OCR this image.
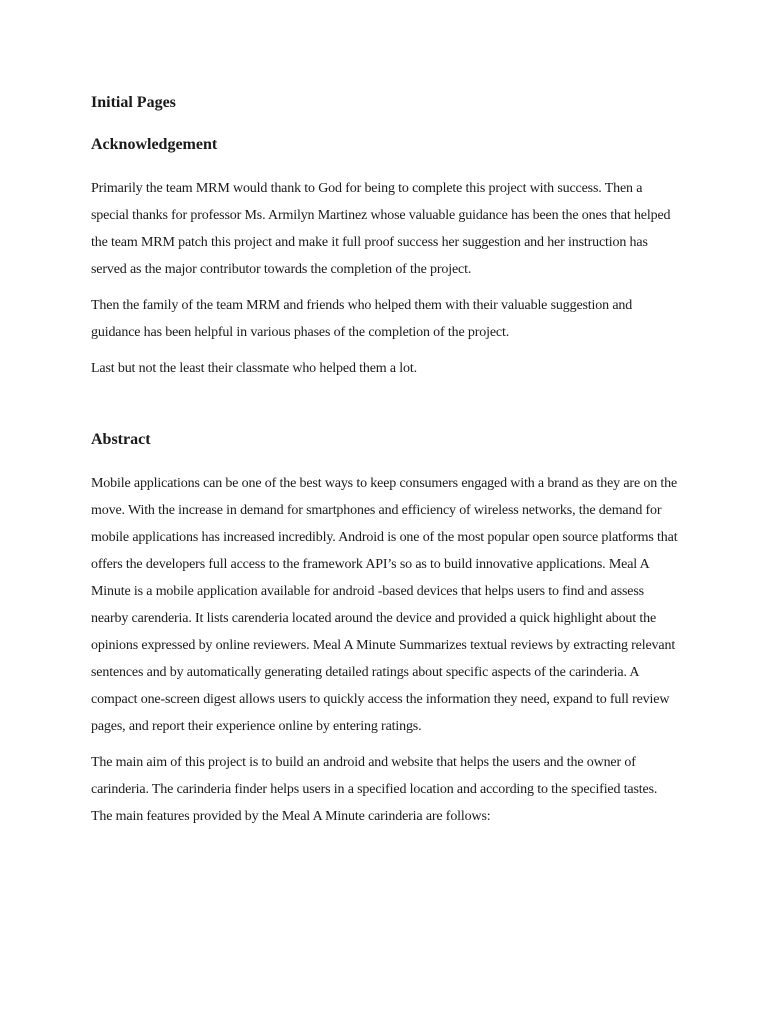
Initial Pages
Acknowledgement

Primarily the team MRM would thank to God for being to complete this project with success. Then a special thanks for professor Ms. Armilyn Martinez whose valuable guidance has been the ones that helped the team MRM patch this project and make it full proof success her suggestion and her instruction has served as the major contributor towards the completion of the project.

Then the family of the team MRM and friends who helped them with their valuable suggestion and guidance has been helpful in various phases of the completion of the project.

Last but not the least their classmate who helped them a lot.

Abstract

Mobile applications can be one of the best ways to keep consumers engaged with a brand as they are on the move. With the increase in demand for smartphones and efficiency of wireless networks, the demand for mobile applications has increased incredibly. Android is one of the most popular open source platforms that offers the developers full access to the framework API’s so as to build innovative applications. Meal A Minute is a mobile application available for android -based devices that helps users to find and assess nearby carenderia. It lists carenderia located around the device and provided a quick highlight about the opinions expressed by online reviewers. Meal A Minute Summarizes textual reviews by extracting relevant sentences and by automatically generating detailed ratings about specific aspects of the carinderia. A compact one-screen digest allows users to quickly access the information they need, expand to full review pages, and report their experience online by entering ratings.

The main aim of this project is to build an android and website that helps the users and the owner of carinderia. The carinderia finder helps users in a specified location and according to the specified tastes. The main features provided by the Meal A Minute carinderia are follows:
